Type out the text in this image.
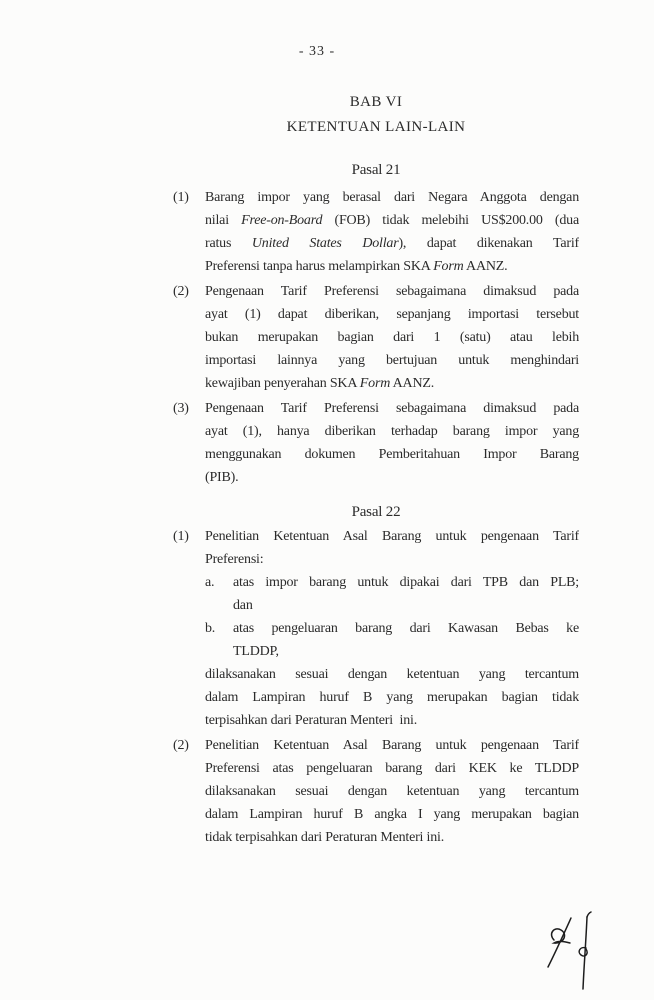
- 33 -
BAB VI
KETENTUAN LAIN-LAIN
Pasal 21
(1)	Barang impor yang berasal dari Negara Anggota dengan
nilai Free-on-Board (FOB) tidak melebihi US$200.00 (dua
ratus United States Dollar), dapat dikenakan Tarif
Preferensi tanpa harus melampirkan SKA Form AANZ.
(2)	Pengenaan Tarif Preferensi sebagaimana dimaksud pada
ayat (1) dapat diberikan, sepanjang importasi tersebut
bukan merupakan bagian dari 1 (satu) atau lebih
importasi lainnya yang bertujuan untuk menghindari
kewajiban penyerahan SKA Form AANZ.
(3)	Pengenaan Tarif Preferensi sebagaimana dimaksud pada
ayat (1), hanya diberikan terhadap barang impor yang
menggunakan dokumen Pemberitahuan Impor Barang
(PIB).
Pasal 22
(1)	Penelitian Ketentuan Asal Barang untuk pengenaan Tarif
Preferensi:
a.	atas impor barang untuk dipakai dari TPB dan PLB;
dan
b.	atas pengeluaran barang dari Kawasan Bebas ke
TLDDP,
dilaksanakan sesuai dengan ketentuan yang tercantum
dalam Lampiran huruf B yang merupakan bagian tidak
terpisahkan dari Peraturan Menteri  ini.
(2)	Penelitian Ketentuan Asal Barang untuk pengenaan Tarif
Preferensi atas pengeluaran barang dari KEK ke TLDDP
dilaksanakan sesuai dengan ketentuan yang tercantum
dalam Lampiran huruf B angka I yang merupakan bagian
tidak terpisahkan dari Peraturan Menteri ini.
